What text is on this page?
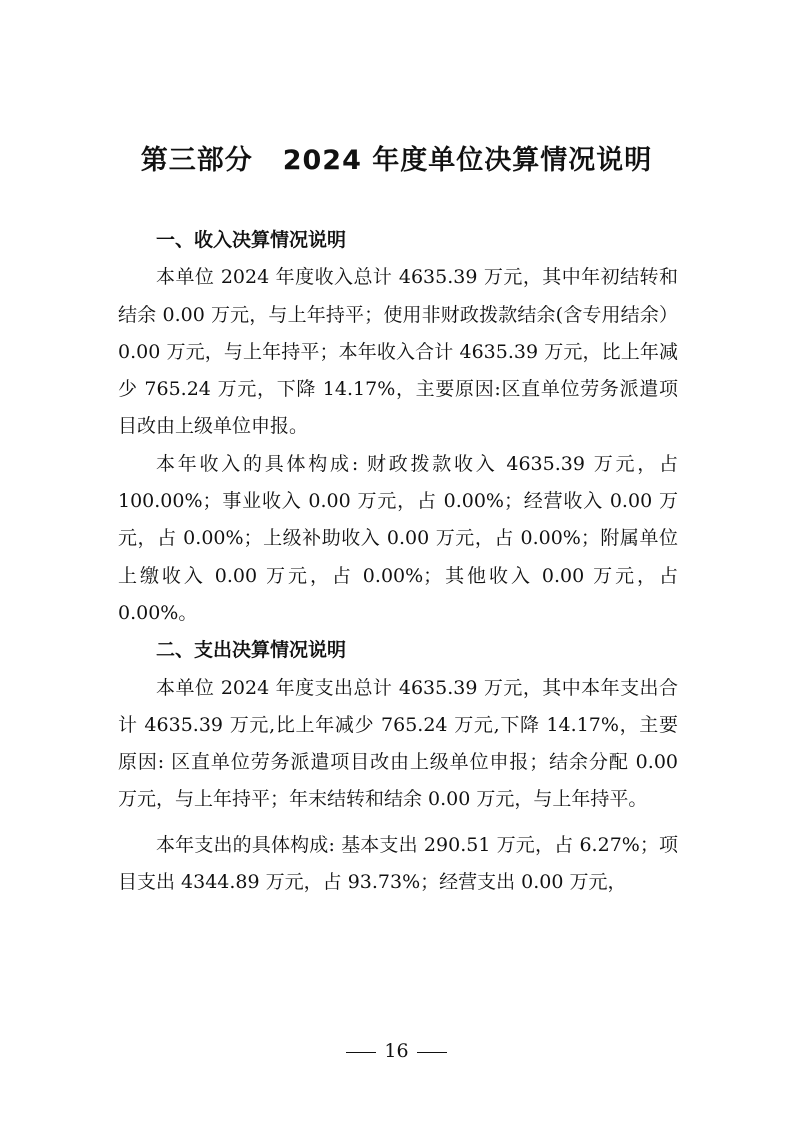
第三部分 2024 年度单位决算情况说明
一、收入决算情况说明

本单位 2024 年度收入总计 4635.39 万元，其中年初结转和结余 0.00 万元，与上年持平；使用非财政拨款结余(含专用结余）0.00 万元，与上年持平；本年收入合计 4635.39 万元，比上年减少 765.24 万元，下降 14.17%，主要原因:区直单位劳务派遣项目改由上级单位申报。

本年收入的具体构成: 财政拨款收入 4635.39 万元，占 100.00%；事业收入 0.00 万元，占 0.00%；经营收入 0.00 万元，占 0.00%；上级补助收入 0.00 万元，占 0.00%；附属单位上缴收入 0.00 万元，占 0.00%；其他收入 0.00 万元，占 0.00%。

二、支出决算情况说明

本单位 2024 年度支出总计 4635.39 万元，其中本年支出合计 4635.39 万元,比上年减少 765.24 万元,下降 14.17%，主要原因: 区直单位劳务派遣项目改由上级单位申报；结余分配 0.00 万元，与上年持平；年末结转和结余 0.00 万元，与上年持平。

本年支出的具体构成: 基本支出 290.51 万元，占 6.27%；项目支出 4344.89 万元，占 93.73%；经营支出 0.00 万元，

16
